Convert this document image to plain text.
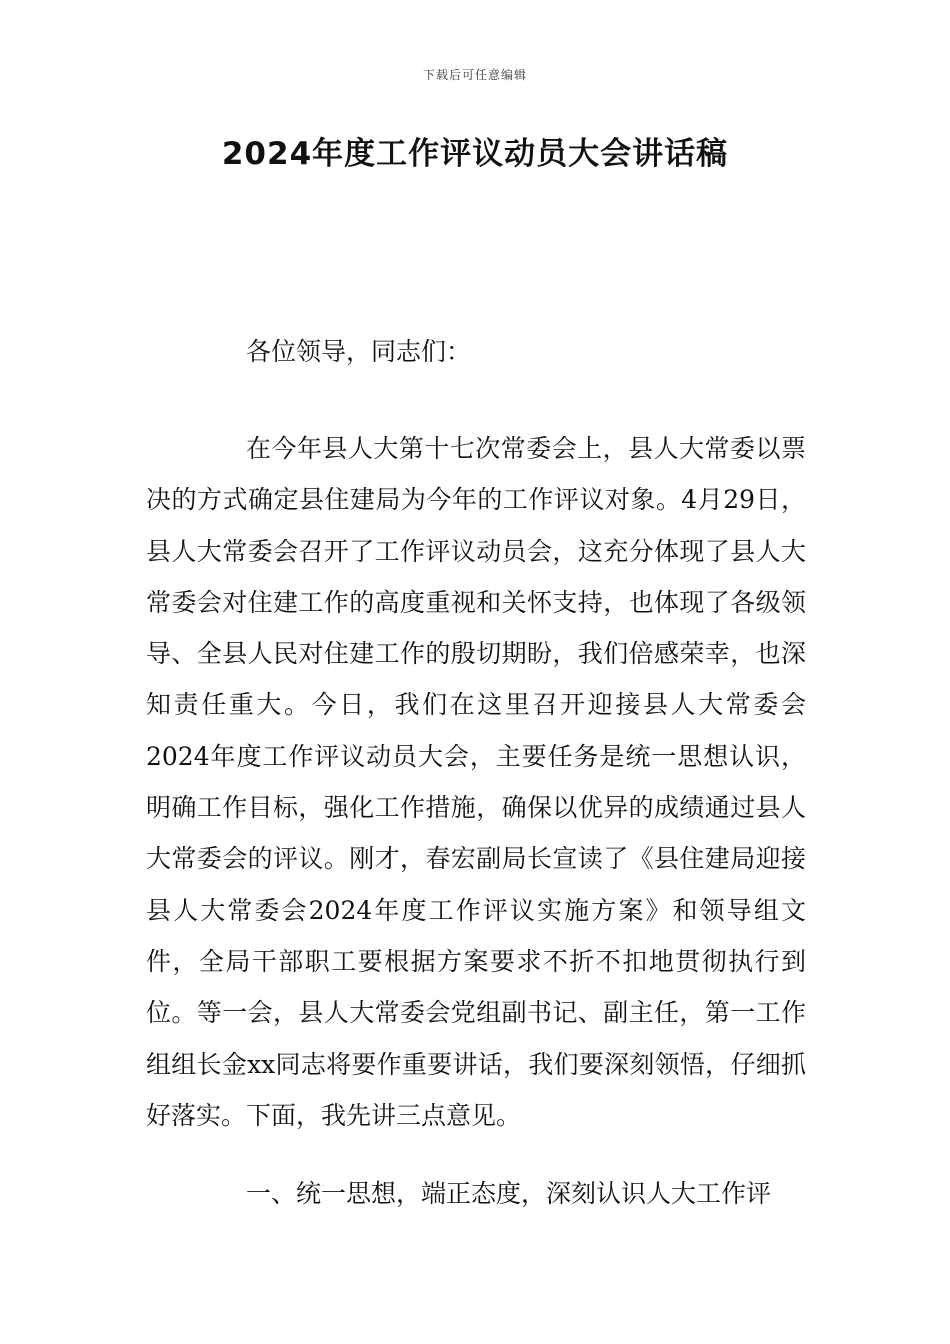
下载后可任意编辑
2024年度工作评议动员大会讲话稿

各位领导，同志们：

在今年县人大第十七次常委会上，县人大常委以票决的方式确定县住建局为今年的工作评议对象。4月29日，县人大常委会召开了工作评议动员会，这充分体现了县人大常委会对住建工作的高度重视和关怀支持，也体现了各级领导、全县人民对住建工作的殷切期盼，我们倍感荣幸，也深知责任重大。今日，我们在这里召开迎接县人大常委会2024年度工作评议动员大会，主要任务是统一思想认识，明确工作目标，强化工作措施，确保以优异的成绩通过县人大常委会的评议。刚才，春宏副局长宣读了《县住建局迎接县人大常委会2024年度工作评议实施方案》和领导组文件，全局干部职工要根据方案要求不折不扣地贯彻执行到位。等一会，县人大常委会党组副书记、副主任，第一工作组组长金xx同志将要作重要讲话，我们要深刻领悟，仔细抓好落实。下面，我先讲三点意见。

一、统一思想，端正态度，深刻认识人大工作评
